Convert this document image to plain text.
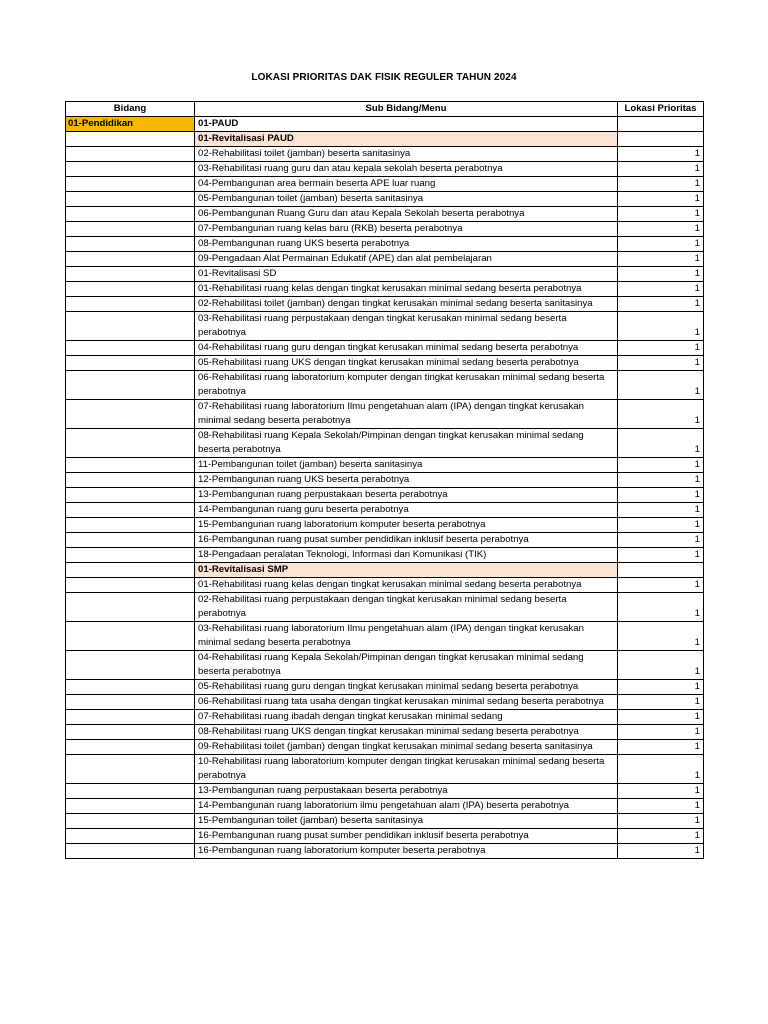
LOKASI PRIORITAS DAK FISIK REGULER TAHUN 2024
Bidang	Sub Bidang/Menu	Lokasi Prioritas
01-Pendidikan	01-PAUD	
	01-Revitalisasi PAUD	
	02-Rehabilitasi toilet (jamban) beserta sanitasinya	1
	03-Rehabilitasi ruang guru dan atau kepala sekolah beserta perabotnya	1
	04-Pembangunan area bermain beserta APE luar ruang	1
	05-Pembangunan toilet (jamban) beserta sanitasinya	1
	06-Pembangunan Ruang Guru dan atau Kepala Sekolah beserta perabotnya	1
	07-Pembangunan ruang kelas baru (RKB) beserta perabotnya	1
	08-Pembangunan ruang UKS beserta perabotnya	1
	09-Pengadaan Alat Permainan Edukatif (APE) dan alat pembelajaran	1
	01-Revitalisasi SD	1
	01-Rehabilitasi ruang kelas dengan tingkat kerusakan minimal sedang beserta perabotnya	1
	02-Rehabilitasi toilet (jamban) dengan tingkat kerusakan minimal sedang beserta sanitasinya	1
	03-Rehabilitasi ruang perpustakaan dengan tingkat kerusakan minimal sedang beserta perabotnya	1
	04-Rehabilitasi ruang guru dengan tingkat kerusakan minimal sedang beserta perabotnya	1
	05-Rehabilitasi ruang UKS dengan tingkat kerusakan minimal sedang beserta perabotnya	1
	06-Rehabilitasi ruang laboratorium komputer dengan tingkat kerusakan minimal sedang beserta perabotnya	1
	07-Rehabilitasi ruang laboratorium Ilmu pengetahuan alam (IPA) dengan tingkat kerusakan minimal sedang beserta perabotnya	1
	08-Rehabilitasi ruang Kepala Sekolah/Pimpinan dengan tingkat kerusakan minimal sedang beserta perabotnya	1
	11-Pembangunan toilet (jamban) beserta sanitasinya	1
	12-Pembangunan ruang UKS beserta perabotnya	1
	13-Pembangunan ruang perpustakaan beserta perabotnya	1
	14-Pembangunan ruang guru beserta perabotnya	1
	15-Pembangunan ruang laboratorium komputer beserta perabotnya	1
	16-Pembangunan ruang pusat sumber pendidikan inklusif beserta perabotnya	1
	18-Pengadaan peralatan Teknologi, Informasi dan Komunikasi (TIK)	1
	01-Revitalisasi SMP	
	01-Rehabilitasi ruang kelas dengan tingkat kerusakan minimal sedang beserta perabotnya	1
	02-Rehabilitasi ruang perpustakaan dengan tingkat kerusakan minimal sedang beserta perabotnya	1
	03-Rehabilitasi ruang laboratorium Ilmu pengetahuan alam (IPA) dengan tingkat kerusakan minimal sedang beserta perabotnya	1
	04-Rehabilitasi ruang Kepala Sekolah/Pimpinan dengan tingkat kerusakan minimal sedang beserta perabotnya	1
	05-Rehabilitasi ruang guru dengan tingkat kerusakan minimal sedang beserta perabotnya	1
	06-Rehabilitasi ruang tata usaha dengan tingkat kerusakan minimal sedang beserta perabotnya	1
	07-Rehabilitasi ruang ibadah dengan tingkat kerusakan minimal sedang	1
	08-Rehabilitasi ruang UKS dengan tingkat kerusakan minimal sedang beserta perabotnya	1
	09-Rehabilitasi toilet (jamban) dengan tingkat kerusakan minimal sedang beserta sanitasinya	1
	10-Rehabilitasi ruang laboratorium komputer dengan tingkat kerusakan minimal sedang beserta perabotnya	1
	13-Pembangunan ruang perpustakaan beserta perabotnya	1
	14-Pembangunan ruang laboratorium ilmu pengetahuan alam (IPA) beserta perabotnya	1
	15-Pembangunan toilet (jamban) beserta sanitasinya	1
	16-Pembangunan ruang pusat sumber pendidikan inklusif beserta perabotnya	1
	16-Pembangunan ruang laboratorium komputer beserta perabotnya	1
